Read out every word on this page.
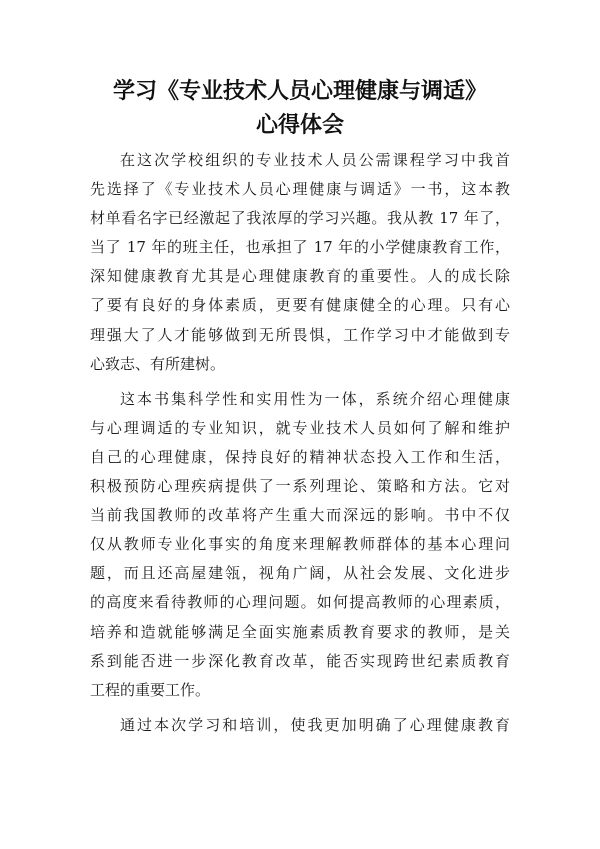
学习《专业技术人员心理健康与调适》
心得体会
在这次学校组织的专业技术人员公需课程学习中我首
先选择了《专业技术人员心理健康与调适》一书，这本教
材单看名字已经激起了我浓厚的学习兴趣。我从教 17 年了，
当了 17 年的班主任，也承担了 17 年的小学健康教育工作，
深知健康教育尤其是心理健康教育的重要性。人的成长除
了要有良好的身体素质，更要有健康健全的心理。只有心
理强大了人才能够做到无所畏惧，工作学习中才能做到专
心致志、有所建树。
这本书集科学性和实用性为一体，系统介绍心理健康
与心理调适的专业知识，就专业技术人员如何了解和维护
自己的心理健康，保持良好的精神状态投入工作和生活，
积极预防心理疾病提供了一系列理论、策略和方法。它对
当前我国教师的改革将产生重大而深远的影响。书中不仅
仅从教师专业化事实的角度来理解教师群体的基本心理问
题，而且还高屋建瓴，视角广阔，从社会发展、文化进步
的高度来看待教师的心理问题。如何提高教师的心理素质，
培养和造就能够满足全面实施素质教育要求的教师，是关
系到能否进一步深化教育改革，能否实现跨世纪素质教育
工程的重要工作。
通过本次学习和培训，使我更加明确了心理健康教育
